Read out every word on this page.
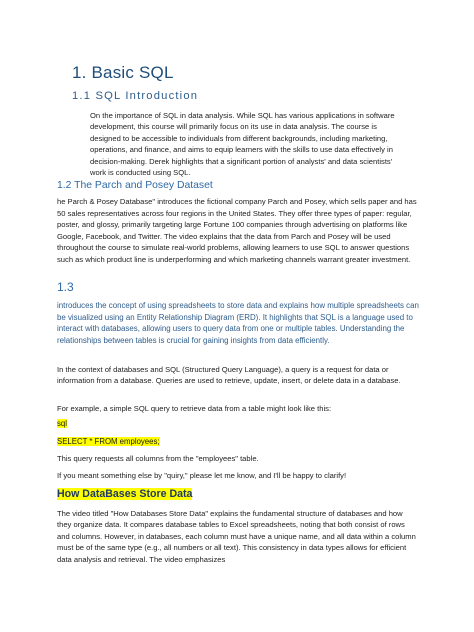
1. Basic SQL
1.1 SQL Introduction
On the importance of SQL in data analysis. While SQL has various applications in software development, this course will primarily focus on its use in data analysis. The course is designed to be accessible to individuals from different backgrounds, including marketing, operations, and finance, and aims to equip learners with the skills to use data effectively in decision-making. Derek highlights that a significant portion of analysts' and data scientists' work is conducted using SQL.
1.2 The Parch and Posey Dataset
he Parch & Posey Database" introduces the fictional company Parch and Posey, which sells paper and has 50 sales representatives across four regions in the United States. They offer three types of paper: regular, poster, and glossy, primarily targeting large Fortune 100 companies through advertising on platforms like Google, Facebook, and Twitter. The video explains that the data from Parch and Posey will be used throughout the course to simulate real-world problems, allowing learners to use SQL to answer questions such as which product line is underperforming and which marketing channels warrant greater investment.
1.3
introduces the concept of using spreadsheets to store data and explains how multiple spreadsheets can be visualized using an Entity Relationship Diagram (ERD). It highlights that SQL is a language used to interact with databases, allowing users to query data from one or multiple tables. Understanding the relationships between tables is crucial for gaining insights from data efficiently.
In the context of databases and SQL (Structured Query Language), a query is a request for data or information from a database. Queries are used to retrieve, update, insert, or delete data in a database.
For example, a simple SQL query to retrieve data from a table might look like this:
sql
SELECT * FROM employees;
This query requests all columns from the "employees" table.
If you meant something else by "quiry," please let me know, and I'll be happy to clarify!
How DataBases Store Data
The video titled "How Databases Store Data" explains the fundamental structure of databases and how they organize data. It compares database tables to Excel spreadsheets, noting that both consist of rows and columns. However, in databases, each column must have a unique name, and all data within a column must be of the same type (e.g., all numbers or all text). This consistency in data types allows for efficient data analysis and retrieval. The video emphasizes
